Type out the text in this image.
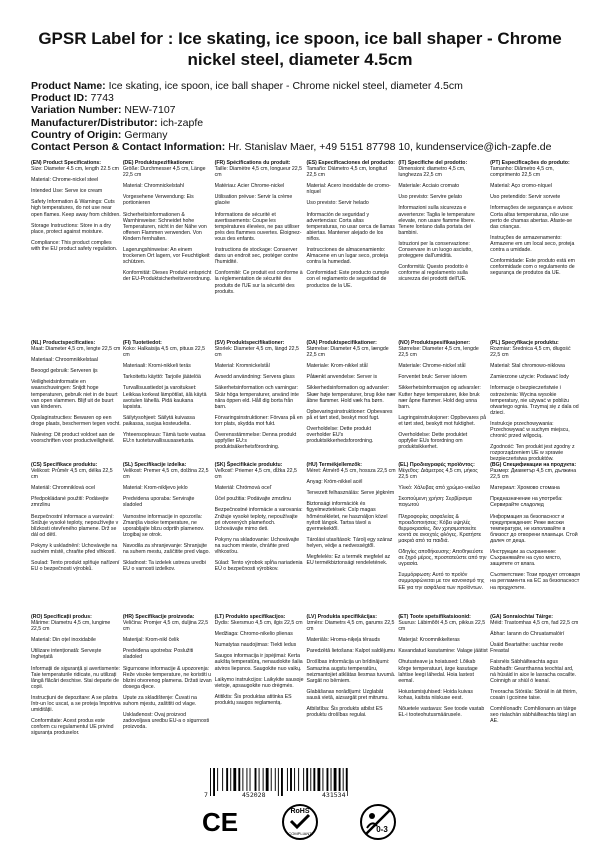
GPSR Label for : Ice skating, ice spoon, ice ball shaper - Chrome nickel steel, diameter 4.5cm
Product Name: Ice skating, ice spoon, ice ball shaper - Chrome nickel steel, diameter 4.5cm
Product ID: 7743
Variation Number: NEW-7107
Manufacturer/Distributor: ich-zapfe
Country of Origin: Germany
Contact Person & Contact Information: Hr. Stanislav Maer, +49 5151 87798 10, kundenservice@ich-zapfe.de
(EN) Product Specifications:
Size: Diameter 4.5 cm, length 22.5 cm
Material: Chrome-nickel steel
Intended Use: Serve ice cream
Safety Information & Warnings: Cuts high temperatures, do not use near open flames. Keep away from children.
Storage Instructions: Store in a dry place, protect against moisture.
Compliance: This product complies with the EU product safety regulation.
(DE) Produktspezifikationen:
Größe: Durchmesser 4,5 cm, Länge 22,5 cm
Material: Chromnickelstahl
Vorgesehene Verwendung: Eis portionieren
Sicherheitsinformationen & Warnhinweise: Schneidet hohe Temperaturen, nicht in der Nähe von offenen Flammen verwenden. Von Kindern fernhalten.
Lagerungshinweise: An einem trockenen Ort lagern, vor Feuchtigkeit schützen.
Konformität: Dieses Produkt entspricht der EU-Produktsicherheitsverordnung.
(FR) Spécifications du produit:
Taille: Diamètre 4,5 cm, longueur 22,5 cm
Matériau: Acier Chrome-nickel
Utilisation prévue: Servir la crème glacée
Informations de sécurité et avertissements: Coupe les températures élevées, ne pas utiliser près des flammes ouvertes. Éloignez-vous des enfants.
Instructions de stockage: Conserver dans un endroit sec, protéger contre l'humidité.
Conformité: Ce produit est conforme à la réglementation de sécurité des produits de l'UE sur la sécurité des produits.
(ES) Especificaciones del producto:
Tamaño: Diámetro 4,5 cm, longitud 22,5 cm
Material: Acero inoxidable de cromo-níquel
Uso previsto: Servir helado
Información de seguridad y advertencias: Corta altas temperaturas, no usar cerca de llamas abiertas. Mantener alejado de los niños.
Instrucciones de almacenamiento: Almacene en un lugar seco, proteja contra la humedad.
Conformidad: Este producto cumple con el reglamento de seguridad de productos de la UE.
(IT) Specifiche del prodotto:
Dimensioni: diametro 4,5 cm, lunghezza 22,5 cm
Materiale: Acciaio cromato
Uso previsto: Servire gelato
Informazioni sulla sicurezza e avvertenze: Taglia le temperature elevate, non usare fiamme libere. Tenere lontano dalla portata dei bambini.
Istruzioni per la conservazione: Conservare in un luogo asciutto, proteggere dall'umidità.
Conformità: Questo prodotto è conforme al regolamento sulla sicurezza dei prodotti dell'UE.
(PT) Especificações do produto:
Tamanho: Diâmetro 4,5 cm, comprimento 22,5 cm
Material: Aço cromo-níquel
Uso pretendido: Servir sorvete
Informações de segurança e avisos: Corta altas temperaturas, não use perto de chamas abertas. Afaste-se das crianças.
Instruções de armazenamento: Armazene em um local seco, proteja contra a umidade.
Conformidade: Este produto está em conformidade com o regulamento de segurança de produtos da UE.
(NL) Productspecificaties:
Maat: Diameter 4,5 cm, lengte 22,5 cm
Materiaal: Chroomnikkelstaal
Beoogd gebruik: Serveren ijs
Veiligheidsinformatie en waarschuwingen: Snijdt hoge temperaturen, gebruik niet in de buurt van open vlammen. Blijf uit de buurt van kinderen.
Opslaginstructies: Bewaren op een droge plaats, beschermen tegen vocht.
Naleving: Dit product voldoet aan de voorschriften voor productveiligheid.
(FI) Tuotetiedot:
Koko: Halkaisija 4,5 cm, pituus 22,5 cm
Materiaali: Kromi-nikkeli teräs
Tarkoitettu käyttö: Tarjoile jäätelöä
Turvallisuustiedot ja varoitukset: Leikkaa korkeat lämpötilat, älä käytä avotulen lähellä. Pidä kaukana lapsista.
Säilytysohjeet: Säilytä kuivassa paikassa, suojaa kosteudelta.
Yhteensopivuus: Tämä tuote vastaa EU:n tuoteturvallisuusasetusta.
(SV) Produktspecifikationer:
Storlek: Diameter 4,5 cm, längd 22,5 cm
Material: Kromnickelstål
Avsedd användning: Servera glass
Säkerhetsinformation och varningar: Skär höga temperaturer, använd inte nära öppen eld. Håll dig borta från barn.
Förvaringsinstruktioner: Förvara på en torr plats, skydda mot fukt.
Överensstämmelse: Denna produkt uppfyller EU:s produktsäkerhetsförordning.
(DA) Produktspecifikationer:
Størrelse: Diameter 4,5 cm, længde 22,5 cm
Materiale: Krom-nikkel stål
Påtænkt anvendelse: Server is
Sikkerhedsinformation og advarsler: Skær høje temperaturer, brug ikke nær åbne flammer. Hold væk fra børn.
Opbevaringsinstruktioner: Opbevares på et tørt sted, beskyt mod fugt.
Overholdelse: Dette produkt overholder EU's produktsikkerhedsforordning.
(NO) Produktspesifikasjoner:
Størrelse: Diameter 4,5 cm, lengde 22,5 cm
Materiale: Chrome-nickel stål
Forventet bruk: Server iskrem
Sikkerhetsinformasjon og advarsler: Kutter høye temperaturer, ikke bruk nær åpne flammer. Hold deg unna barn.
Lagringsinstruksjoner: Oppbevares på et tørt sted, beskytt mot fuktighet.
Overholdelse: Dette produktet oppfyller EUs forordning om produktsikkerhet.
(PL) Specyfikacje produktu:
Rozmiar: Średnica 4,5 cm, długość 22,5 cm
Materiał: Stal chromowo-niklowa
Zamierzone użycie: Podawać lody
Informacje o bezpieczeństwie i ostrzeżenia: Wycina wysokie temperatury, nie używać w pobliżu otwartego ognia. Trzymaj się z dala od dzieci.
Instrukcje przechowywania: Przechowywać w suchym miejscu, chronić przed wilgocią.
Zgodność: Ten produkt jest zgodny z rozporządzeniem UE w sprawie bezpieczeństwa produktów.
(CS) Specifikace produktu:
Velikost: Průměr 4,5 cm, délka 22,5 cm
Materiál: Chromniklová ocel
Předpokládané použití: Podávejte zmrzlinu
Bezpečnostní informace a varování: Snižuje vysoké teploty, nepoužívejte v blízkosti otevřeného plamene. Drž se dál od dětí.
Pokyny k uskladnění: Uchovávejte na suchém místě, chraňte před vlhkostí.
Soulad: Tento produkt splňuje nařízení EU o bezpečnosti výrobků.
(SL) Specifikacije izdelka:
Velikost: Premer 4,5 cm, dolžina 22,5 cm
Material: Krom-nikljevo jeklo
Predvidena uporaba: Servirajte sladoled
Varnostne informacije in opozorila: Zmanjša visoke temperature, ne uporabljajte blizu odprtih plamenov. Izogibaj se otrok.
Navodila za shranjevanje: Shranjujte na suhem mestu, zaščitite pred vlago.
Skladnost: Ta izdelek ustreza uredbi EU o varnosti izdelkov.
(SK) Špecifikácie produktu:
Veľkosť: Priemer 4,5 cm, dĺžka 22,5 cm
Materiál: Chrómová oceľ
Účel použitia: Podávajte zmrzlinu
Bezpečnostné informácie a varovania: Znižuje vysoké teploty, nepoužívajte pri otvorených plameňoch. Uchovávajte mimo deti.
Pokyny na skladovanie: Uchovávajte na suchom mieste, chráňte pred vlhkosťou.
Súlad: Tento výrobok spĺňa nariadenia EÚ o bezpečnosti výrobkov.
(HU) Termékjellemzők:
Méret: Átmérő 4,5 cm, hossza 22,5 cm
Anyag: Króm-nikkel acél
Tervezett felhasználás: Serve jégkrém
Biztonsági információk és figyelmeztetések: Csíp magas hőmérsékletet, ne használjon közel nyitott lángok. Tartsa távol a gyermekektől.
Tárolási utasítások: Tárolj egy száraz helyen, védje a nedvességtől.
Megfelelés: Ez a termék megfelel az EU termékbiztonsági rendeletének.
(EL) Προδιαγραφές προϊόντος:
Μέγεθος: Διάμετρος 4,5 cm, μήκος 22,5 cm
Υλικό: Χάλυβας από χρώμιο-νικέλιο
Σκοπούμενη χρήση: Σερβίρισμα παγωτού
Πληροφορίες ασφαλείας & προειδοποιήσεις: Κόβει υψηλές θερμοκρασίες, δεν χρησιμοποιείτε κοντά σε ανοιχτές φλόγες. Κρατήστε μακριά από τα παιδιά.
Οδηγίες αποθήκευσης: Αποθηκεύστε σε ξηρό μέρος, προστατεύστε από την υγρασία.
Συμμόρφωση: Αυτό το προϊόν συμμορφώνεται με τον κανονισμό της ΕΕ για την ασφάλεια των προϊόντων.
(BG) Спецификации на продукта:
Размер: Диаметър 4,5 cm, дължина 22,5 cm
Материал: Хромово стомана
Предназначение на употреба: Сервирайте сладолед
Информация за безопасност и предупреждения: Реже високи температури, не използвайте в близост до отворени пламъци. Стой далеч от деца.
Инструкции за съхранение: Съхранявайте на сухо място, защитете от влага.
Съответствие: Този продукт отговаря на регламента на ЕС за безопасност на продуктите.
(RO) Specificații produs:
Mărime: Diametru 4,5 cm, lungime 22,5 cm
Material: Din oțel inoxidabile
Utilizare intenționată: Serveşte înghețată
Informații de siguranță și avertismente: Taie temperaturile ridicate, nu utilizați lângă flăcări deschise. Stai departe de copii.
Instrucțiuni de depozitare: A se păstra într-un loc uscat, a se proteja împotriva umidității.
Conformitate: Acest produs este conform cu regulamentul UE privind siguranța produselor.
(HR) Specifikacije proizvoda:
Veličina: Promjer 4,5 cm, duljina 22,5 cm
Materijal: Krom-nikl čelik
Predviđena upotreba: Poslužiti sladoled
Sigurnosne informacije & upozorenja: Reže visoke temperature, ne koristiti u blizini otvorenog plamena. Držati izvan dosega djece.
Upute za skladištenje: Čuvati na suhom mjestu, zaštititi od vlage.
Usklađenost: Ovaj proizvod zadovoljava uredbu EU-a o sigurnosti proizvoda.
(LT) Produkto specifikacijos:
Dydis: Skersmuo 4,5 cm, ilgis 22,5 cm
Medžiaga: Chromo-nikelio plienas
Numatytas naudojimas: Tiekti ledus
Saugos informacija ir įspėjimai: Kerta aukštą temperatūrą, nenaudokite šalia atviros liepsnos. Saugokite nuo vaikų.
Laikymo instrukcijos: Laikykite sausoje vietoje, apsaugokite nuo drėgmės.
Atitiktis: Šis produktas atitinka ES produktų saugos reglamentą.
(LV) Produkta specifikācijas:
Izmērs: Diametrs 4,5 cm, garums 22,5 cm
Materiāls: Hroma-niķeļa tērauds
Paredzētā lietošana: Kalpot saldējumu
Drošības informācija un brīdinājumi: Samazina augstu temperatūru, neizmantojiet atklātas liesmas tuvumā. Sargāt no bērniem.
Glabāšanas norādījumi: Uzglabāt sausā vietā, aizsargāt pret mitrumu.
Atbilstība: Šis produkts atbilst ES produktu drošības regulai.
(ET) Toote spetsifikatsioonid:
Suurus: Läbimõõt 4,5 cm, pikkus 22,5 cm
Materjal: Kroomnikkelteras
Kavandatud kasutamine: Valage jäätist
Ohutusteave ja hoiatused: Lõikab kõrge temperatuuri, ärge kasutage lahtise leegi lähedal. Hoia lastest eemal.
Hoiustamisjuhised: Hoida kuivas kohas, kaitsta niiskuse eest.
Nõuetele vastavus: See toode vastab EL-i tooteohutusmäärusele.
(GA) Sonraíochtaí Táirge:
Méid: Trastomhas 4,5 cm, fad 22,5 cm
Ábhar: Iarann do Chruatamalóirí
Úsáid Beartaithe: uachtar reoite Freastal
Faisnéis Sábháilteachta agus Rabhadh: Gearrthanna teochtaí ard, ná húsáid in aice le lasracha oscailte. Coinnigh ar shiúl ó leanaí.
Treoracha Stórála: Stóráil in áit thirim, cosain i gcoinne taise.
Comhlíonadh: Comhlíonann an táirge seo rialachán sábháilteachta táirgí an AE.
7	452028	431534
CE	RoHS
COMPLIANT	0-3
